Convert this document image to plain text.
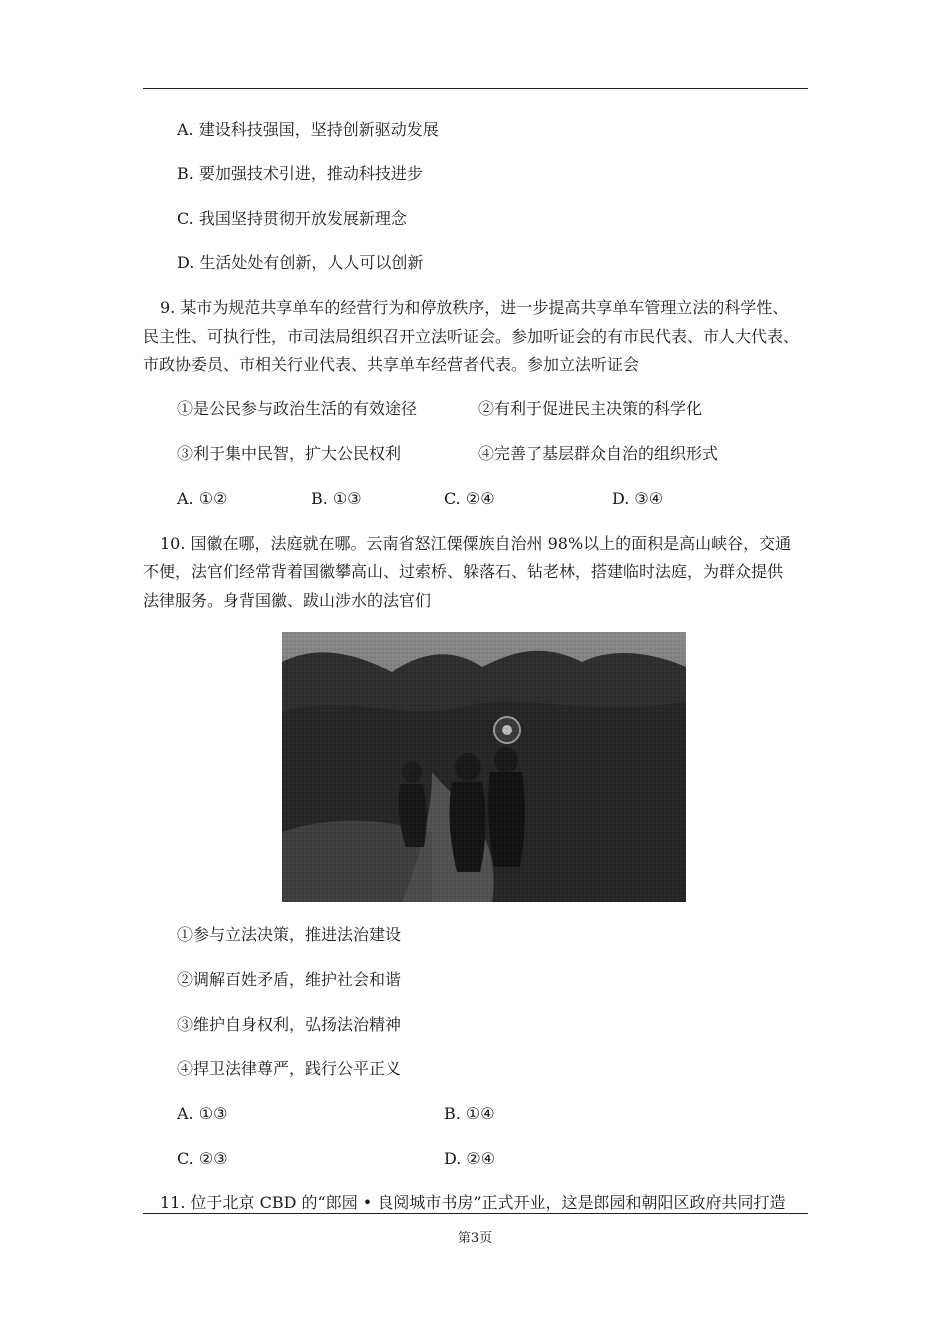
A. 建设科技强国，坚持创新驱动发展
B. 要加强技术引进，推动科技进步
C. 我国坚持贯彻开放发展新理念
D. 生活处处有创新，人人可以创新
9. 某市为规范共享单车的经营行为和停放秩序，进一步提高共享单车管理立法的科学性、
民主性、可执行性，市司法局组织召开立法听证会。参加听证会的有市民代表、市人大代表、
市政协委员、市相关行业代表、共享单车经营者代表。参加立法听证会
①是公民参与政治生活的有效途径	②有利于促进民主决策的科学化
③利于集中民智，扩大公民权利	④完善了基层群众自治的组织形式
A. ①②	B. ①③	C. ②④	D. ③④
10. 国徽在哪，法庭就在哪。云南省怒江傈僳族自治州 98%以上的面积是高山峡谷，交通
不便，法官们经常背着国徽攀高山、过索桥、躲落石、钻老林，搭建临时法庭，为群众提供
法律服务。身背国徽、跋山涉水的法官们
①参与立法决策，推进法治建设
②调解百姓矛盾，维护社会和谐
③维护自身权利，弘扬法治精神
④捍卫法律尊严，践行公平正义
A. ①③	B. ①④
C. ②③	D. ②④
11. 位于北京 CBD 的“郎园 • 良阅城市书房”正式开业，这是郎园和朝阳区政府共同打造
第3页
